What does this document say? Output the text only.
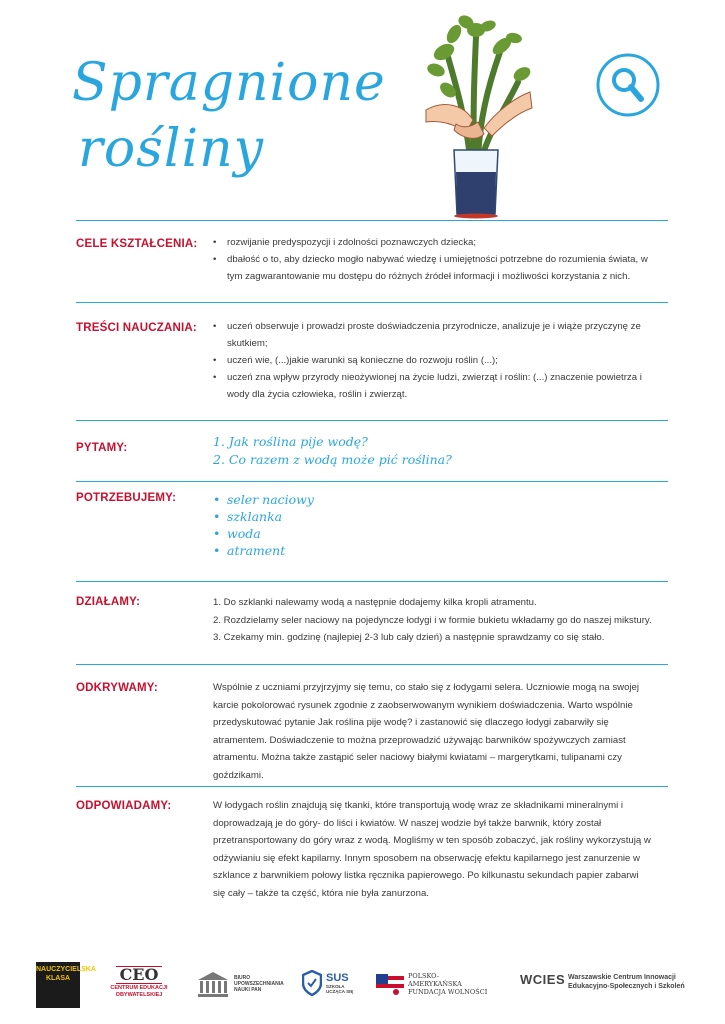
Spragnione
rośliny
CELE KSZTAŁCENIA:	• rozwijanie predyspozycji i zdolności poznawczych dziecka;
• dbałość o to, aby dziecko mogło nabywać wiedzę i umiejętności potrzebne do rozumienia świata, w tym zagwarantowanie mu dostępu do różnych źródeł informacji i możliwości korzystania z nich.
TREŚCI NAUCZANIA:	• uczeń obserwuje i prowadzi proste doświadczenia przyrodnicze, analizuje je i wiąże przyczynę ze skutkiem;
• uczeń wie, (...)jakie warunki są konieczne do rozwoju roślin (...);
• uczeń zna wpływ przyrody nieożywionej na życie ludzi, zwierząt i roślin: (...) znaczenie powietrza i wody dla życia człowieka, roślin i zwierząt.
PYTAMY:	1. Jak roślina pije wodę?
2. Co razem z wodą może pić roślina?
POTRZEBUJEMY:	• seler naciowy
• szklanka
• woda
• atrament
DZIAŁAMY:	1. Do szklanki nalewamy wodą a następnie dodajemy kilka kropli atramentu.
2. Rozdzielamy seler naciowy na pojedyncze łodygi i w formie bukietu wkładamy go do naszej mikstury.
3. Czekamy min. godzinę (najlepiej 2-3 lub cały dzień) a następnie sprawdzamy co się stało.
ODKRYWAMY:	Wspólnie z uczniami przyjrzyjmy się temu, co stało się z łodygami selera. Uczniowie mogą na swojej karcie pokolorować rysunek zgodnie z zaobserwowanym wynikiem doświadczenia. Warto wspólnie przedyskutować pytanie Jak roślina pije wodę? i zastanowić się dlaczego łodygi zabarwiły się atramentem. Doświadczenie to można przeprowadzić używając barwników spożywczych zamiast atramentu. Można także zastąpić seler naciowy białymi kwiatami – margerytkami, tulipanami czy goździkami.

ODPOWIADAMY:	W łodygach roślin znajdują się tkanki, które transportują wodę wraz ze składnikami mineralnymi i doprowadzają je do góry- do liści i kwiatów. W naszej wodzie był także barwnik, który został przetransportowany do góry wraz z wodą. Mogliśmy w ten sposób zobaczyć, jak rośliny wykorzystują w odżywianiu się efekt kapilarny. Innym sposobem na obserwację efektu kapilarnego jest zanurzenie w szklance z barwnikiem połowy listka ręcznika papierowego. Po kilkunastu sekundach papier zabarwi się cały – także ta część, która nie była zanurzona.

NAUCZYCIELSKA KLASA	CEO
CENTRUM EDUKACJI OBYWATELSKIEJ
BIURO UPOWSZECHNIANIA NAUKI PAN
SUS
SZKOŁA UCZĄCA SIĘ
POLSKO-AMERYKAŃSKA FUNDACJA WOLNOŚCI
WCIES Warszawskie Centrum Innowacji Edukacyjno-Społecznych i Szkoleń
